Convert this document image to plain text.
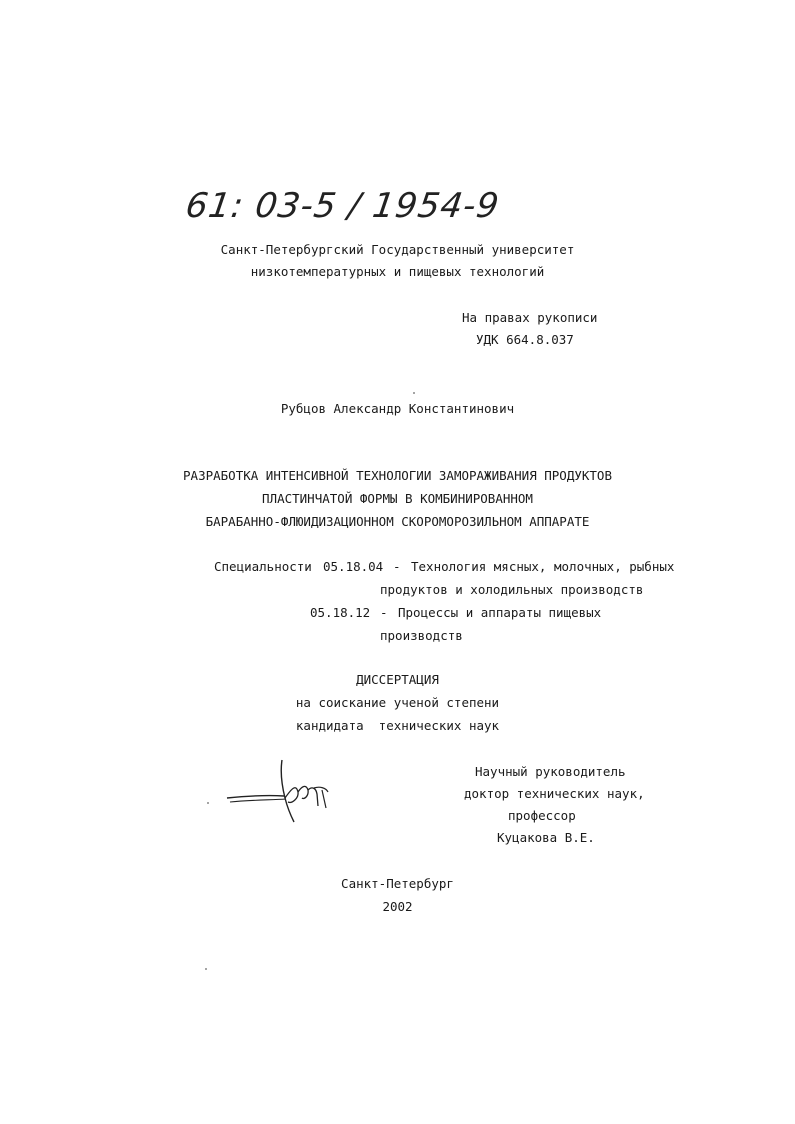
61: 03-5 / 1954-9
Санкт-Петербургский Государственный университет
низкотемпературных и пищевых технологий
На правах рукописи
УДК 664.8.037
Рубцов Александр Константинович
РАЗРАБОТКА ИНТЕНСИВНОЙ ТЕХНОЛОГИИ ЗАМОРАЖИВАНИЯ ПРОДУКТОВ
ПЛАСТИНЧАТОЙ ФОРМЫ В КОМБИНИРОВАННОМ
БАРАБАННО-ФЛЮИДИЗАЦИОННОМ СКОРОМОРОЗИЛЬНОМ АППАРАТЕ
Специальности 05.18.04 - Технология мясных, молочных, рыбных
продуктов и холодильных производств
05.18.12 - Процессы и аппараты пищевых
производств
ДИССЕРТАЦИЯ
на соискание ученой степени
кандидата  технических наук
Научный руководитель
доктор технических наук,
профессор
Куцакова В.Е.
Санкт-Петербург
2002
